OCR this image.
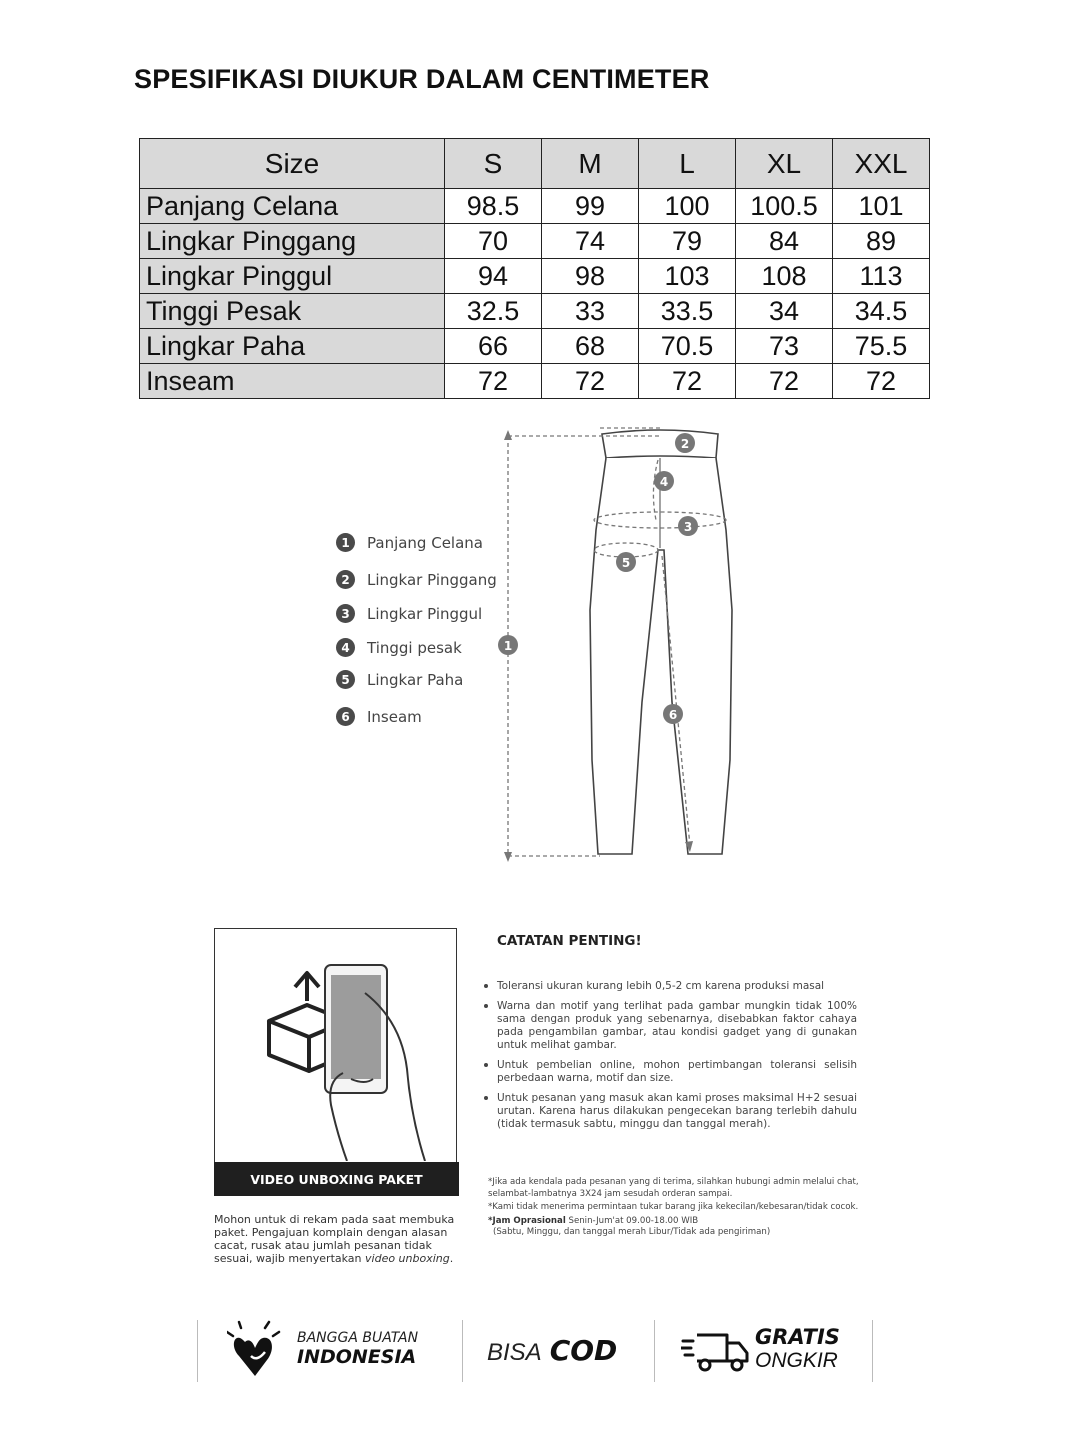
SPESIFIKASI DIUKUR DALAM CENTIMETER
Size	S	M	L	XL	XXL
Panjang Celana	98.5	99	100	100.5	101
Lingkar Pinggang	70	74	79	84	89
Lingkar Pinggul	94	98	103	108	113
Tinggi Pesak	32.5	33	33.5	34	34.5
Lingkar Paha	66	68	70.5	73	75.5
Inseam	72	72	72	72	72
1	Panjang Celana
2	Lingkar Pinggang
3	Lingkar Pinggul
4	Tinggi pesak
5	Lingkar Paha
6	Inseam
1
2
3
4
5
6
VIDEO UNBOXING PAKET
Mohon untuk di rekam pada saat membuka paket. Pengajuan komplain dengan alasan cacat, rusak atau jumlah pesanan tidak sesuai, wajib menyertakan video unboxing.
CATATAN PENTING!
Toleransi ukuran kurang lebih 0,5-2 cm karena produksi masal
Warna dan motif yang terlihat pada gambar mungkin tidak 100% sama dengan produk yang sebenarnya, disebabkan faktor cahaya pada pengambilan gambar, atau kondisi gadget yang di gunakan untuk melihat gambar.
Untuk pembelian online, mohon pertimbangan toleransi selisih perbedaan warna, motif dan size.
Untuk pesanan yang masuk akan kami proses maksimal H+2 sesuai urutan. Karena harus dilakukan pengecekan barang terlebih dahulu (tidak termasuk sabtu, minggu dan tanggal merah).
*Jika ada kendala pada pesanan yang di terima, silahkan hubungi admin melalui chat, selambat-lambatnya 3X24 jam sesudah orderan sampai.
*Kami tidak menerima permintaan tukar barang jika kekecilan/kebesaran/tidak cocok.
*Jam Opra​sional Senin-Jum'at 09.00-18.00 WIB
(Sabtu, Minggu, dan tanggal merah Libur/Tidak ada pengiriman)
BANGGA BUATAN
INDONESIA	BISA COD	GRATIS
ONGKIR
